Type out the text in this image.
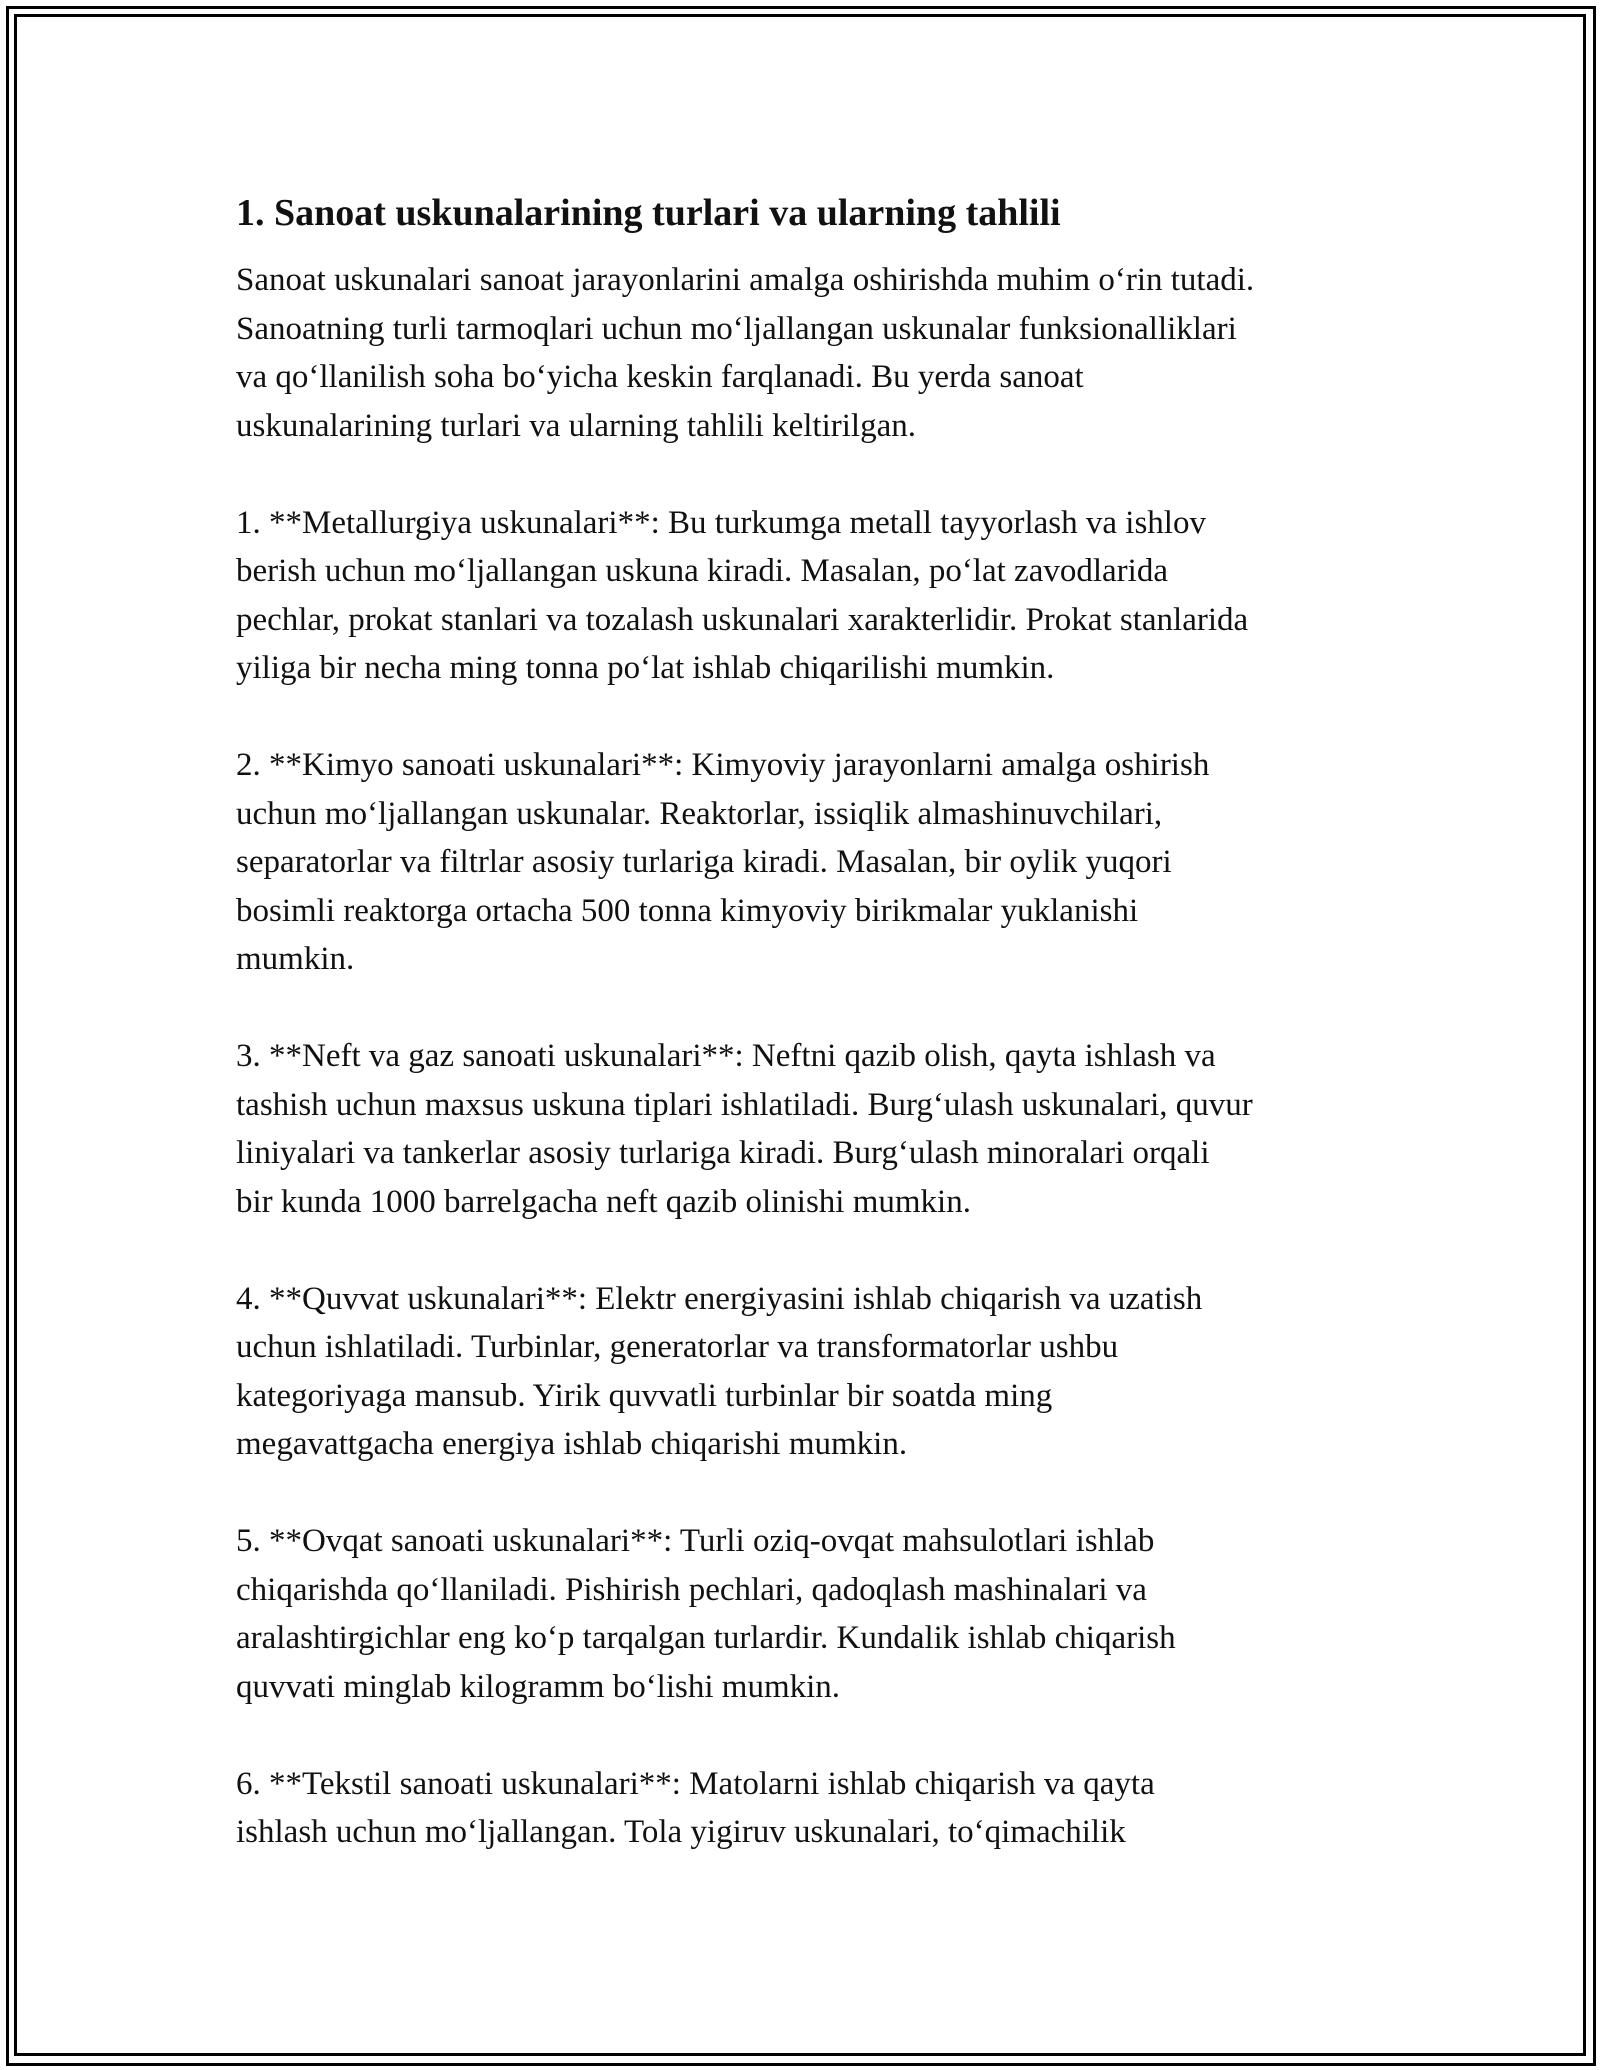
1. Sanoat uskunalarining turlari va ularning tahlili

Sanoat uskunalari sanoat jarayonlarini amalga oshirishda muhim o‘rin tutadi.
Sanoatning turli tarmoqlari uchun mo‘ljallangan uskunalar funksionalliklari
va qo‘llanilish soha bo‘yicha keskin farqlanadi. Bu yerda sanoat
uskunalarining turlari va ularning tahlili keltirilgan.

1. **Metallurgiya uskunalari**: Bu turkumga metall tayyorlash va ishlov
berish uchun mo‘ljallangan uskuna kiradi. Masalan, po‘lat zavodlarida
pechlar, prokat stanlari va tozalash uskunalari xarakterlidir. Prokat stanlarida
yiliga bir necha ming tonna po‘lat ishlab chiqarilishi mumkin.

2. **Kimyo sanoati uskunalari**: Kimyoviy jarayonlarni amalga oshirish
uchun mo‘ljallangan uskunalar. Reaktorlar, issiqlik almashinuvchilari,
separatorlar va filtrlar asosiy turlariga kiradi. Masalan, bir oylik yuqori
bosimli reaktorga ortacha 500 tonna kimyoviy birikmalar yuklanishi
mumkin.

3. **Neft va gaz sanoati uskunalari**: Neftni qazib olish, qayta ishlash va
tashish uchun maxsus uskuna tiplari ishlatiladi. Burg‘ulash uskunalari, quvur
liniyalari va tankerlar asosiy turlariga kiradi. Burg‘ulash minoralari orqali
bir kunda 1000 barrelgacha neft qazib olinishi mumkin.

4. **Quvvat uskunalari**: Elektr energiyasini ishlab chiqarish va uzatish
uchun ishlatiladi. Turbinlar, generatorlar va transformatorlar ushbu
kategoriyaga mansub. Yirik quvvatli turbinlar bir soatda ming
megavattgacha energiya ishlab chiqarishi mumkin.

5. **Ovqat sanoati uskunalari**: Turli oziq-ovqat mahsulotlari ishlab
chiqarishda qo‘llaniladi. Pishirish pechlari, qadoqlash mashinalari va
aralashtirgichlar eng ko‘p tarqalgan turlardir. Kundalik ishlab chiqarish
quvvati minglab kilogramm bo‘lishi mumkin.

6. **Tekstil sanoati uskunalari**: Matolarni ishlab chiqarish va qayta
ishlash uchun mo‘ljallangan. Tola yigiruv uskunalari, to‘qimachilik
